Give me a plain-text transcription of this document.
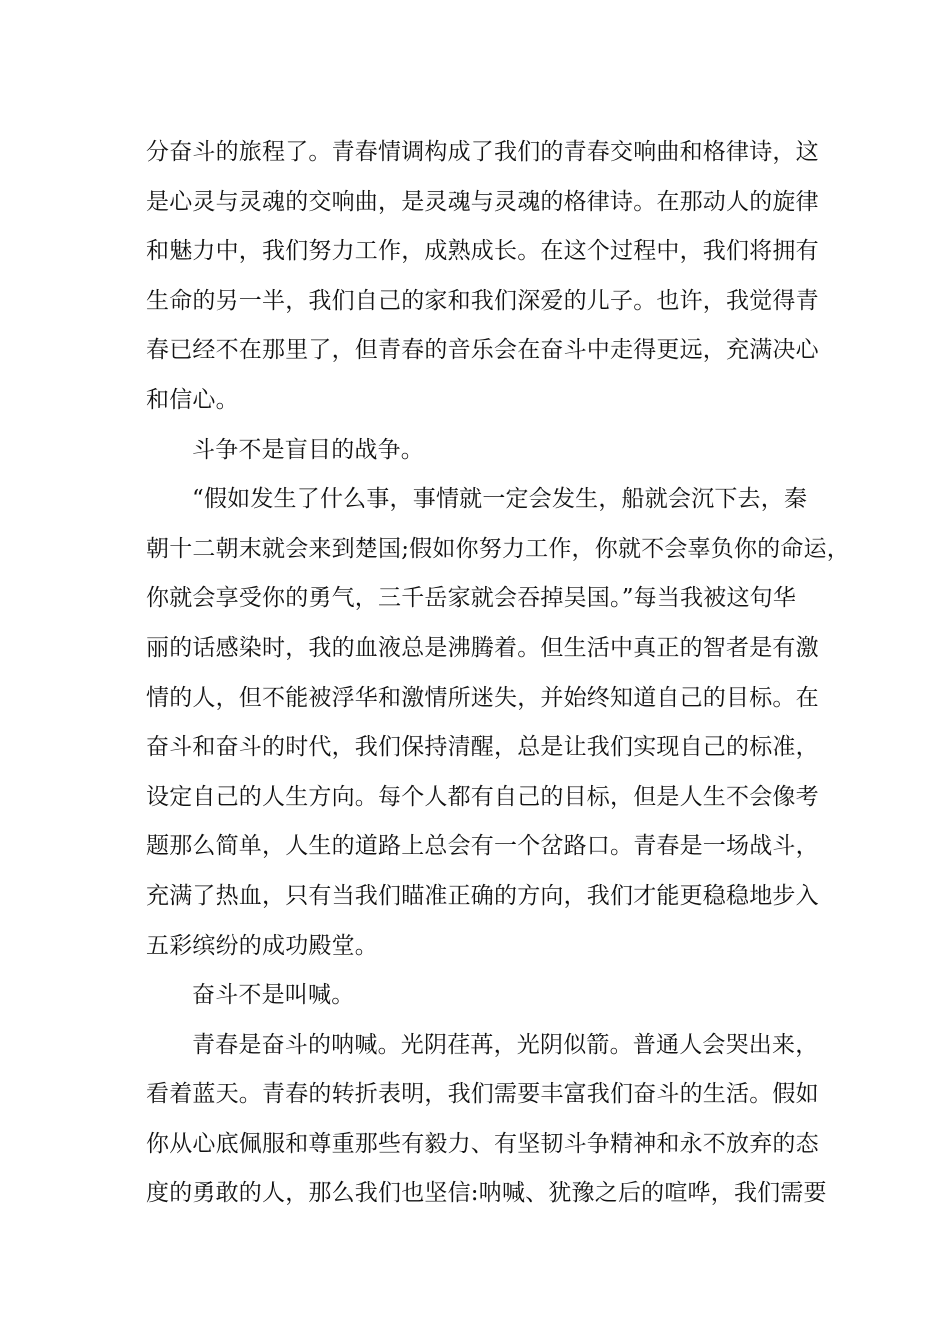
分奋斗的旅程了。青春情调构成了我们的青春交响曲和格律诗，这
是心灵与灵魂的交响曲，是灵魂与灵魂的格律诗。在那动人的旋律
和魅力中，我们努力工作，成熟成长。在这个过程中，我们将拥有
生命的另一半，我们自己的家和我们深爱的儿子。也许，我觉得青
春已经不在那里了，但青春的音乐会在奋斗中走得更远，充满决心
和信心。

斗争不是盲目的战争。

“假如发生了什么事，事情就一定会发生，船就会沉下去，秦
朝十二朝末就会来到楚国;假如你努力工作，你就不会辜负你的命运，
你就会享受你的勇气，三千岳家就会吞掉吴国。”每当我被这句华
丽的话感染时，我的血液总是沸腾着。但生活中真正的智者是有激
情的人，但不能被浮华和激情所迷失，并始终知道自己的目标。在
奋斗和奋斗的时代，我们保持清醒，总是让我们实现自己的标准，
设定自己的人生方向。每个人都有自己的目标，但是人生不会像考
题那么简单，人生的道路上总会有一个岔路口。青春是一场战斗，
充满了热血，只有当我们瞄准正确的方向，我们才能更稳稳地步入
五彩缤纷的成功殿堂。

奋斗不是叫喊。

青春是奋斗的呐喊。光阴荏苒，光阴似箭。普通人会哭出来，
看着蓝天。青春的转折表明，我们需要丰富我们奋斗的生活。假如
你从心底佩服和尊重那些有毅力、有坚韧斗争精神和永不放弃的态
度的勇敢的人，那么我们也坚信:呐喊、犹豫之后的喧哗，我们需要
